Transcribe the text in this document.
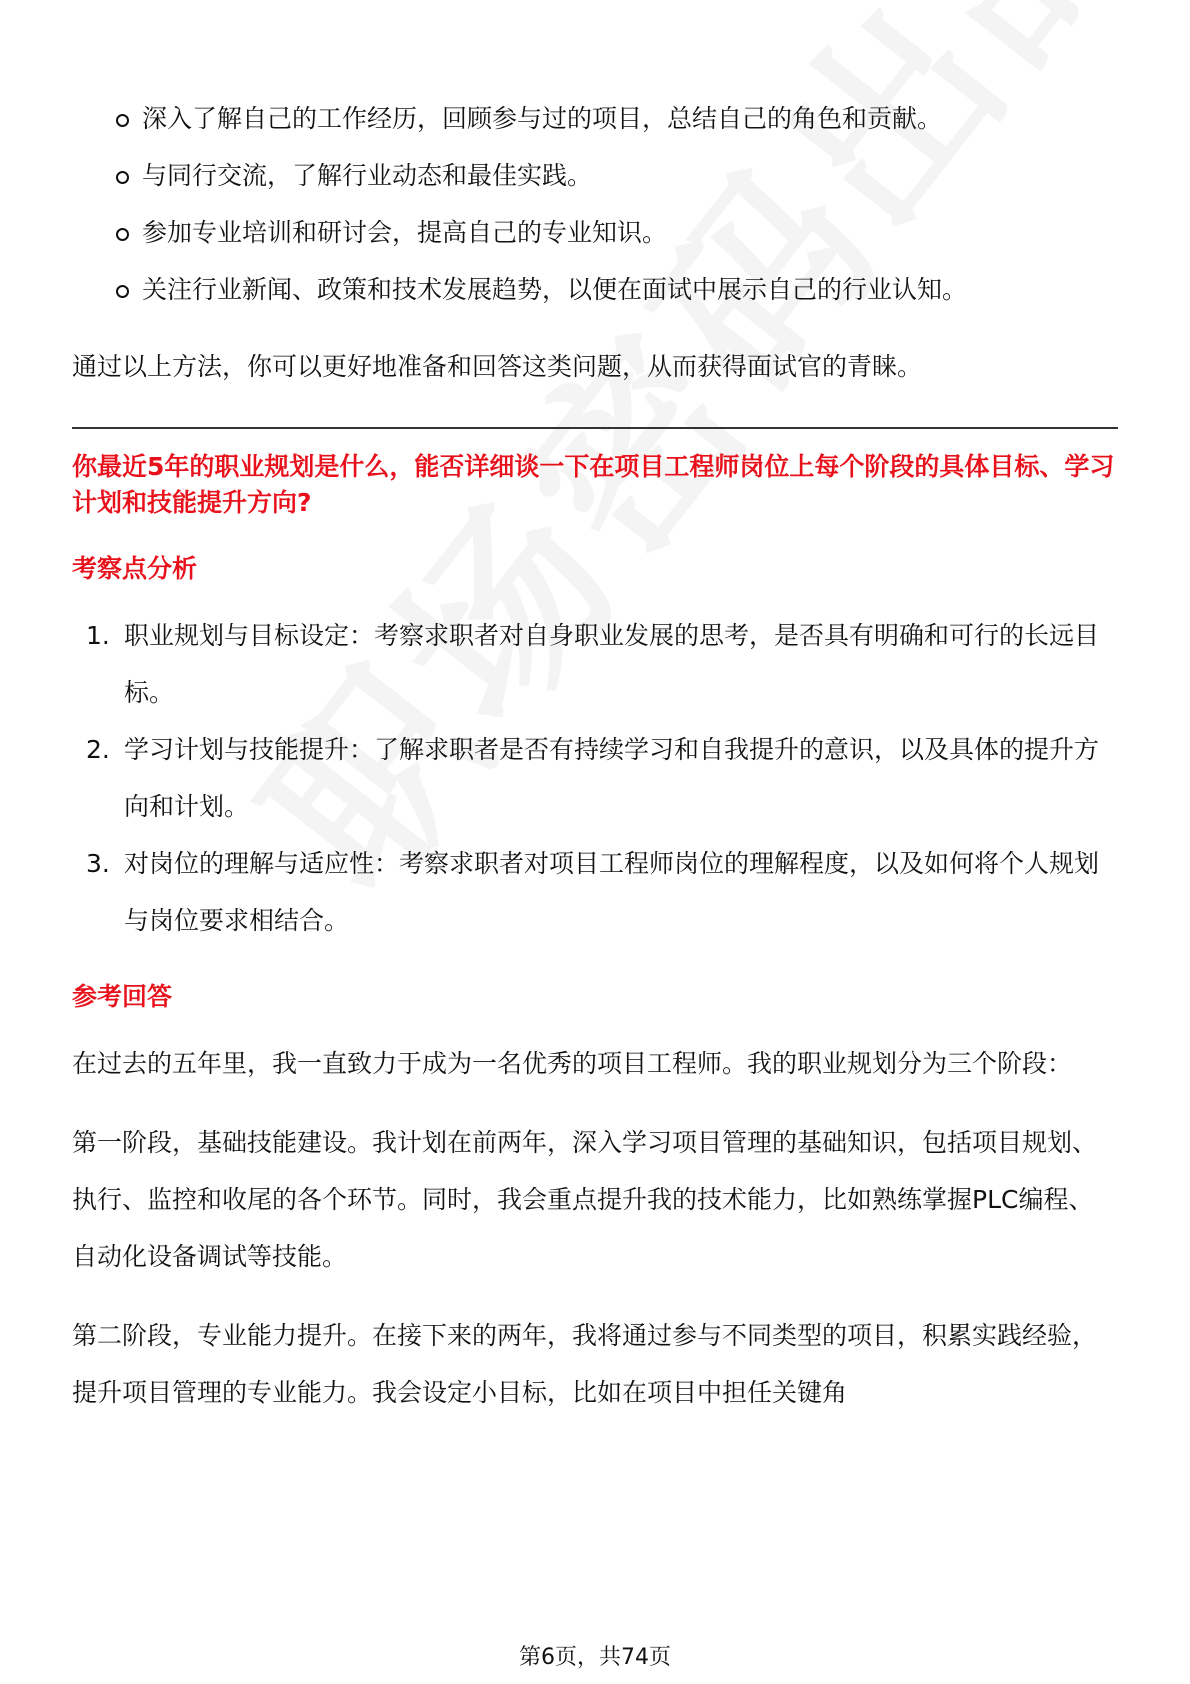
深入了解自己的工作经历，回顾参与过的项目，总结自己的角色和贡献。
与同行交流，了解行业动态和最佳实践。
参加专业培训和研讨会，提高自己的专业知识。
关注行业新闻、政策和技术发展趋势，以便在面试中展示自己的行业认知。

通过以上方法，你可以更好地准备和回答这类问题，从而获得面试官的青睐。

你最近5年的职业规划是什么，能否详细谈一下在项目工程师岗位上每个阶段的具体目标、学习计划和技能提升方向?

考察点分析
1. 职业规划与目标设定：考察求职者对自身职业发展的思考，是否具有明确和可行的长远目标。
2. 学习计划与技能提升：了解求职者是否有持续学习和自我提升的意识，以及具体的提升方向和计划。
3. 对岗位的理解与适应性：考察求职者对项目工程师岗位的理解程度，以及如何将个人规划与岗位要求相结合。
参考回答

在过去的五年里，我一直致力于成为一名优秀的项目工程师。我的职业规划分为三个阶段：

第一阶段，基础技能建设。我计划在前两年，深入学习项目管理的基础知识，包括项目规划、执行、监控和收尾的各个环节。同时，我会重点提升我的技术能力，比如熟练掌握PLC编程、自动化设备调试等技能。

第二阶段，专业能力提升。在接下来的两年，我将通过参与不同类型的项目，积累实践经验，提升项目管理的专业能力。我会设定小目标，比如在项目中担任关键角

第6页，共74页
